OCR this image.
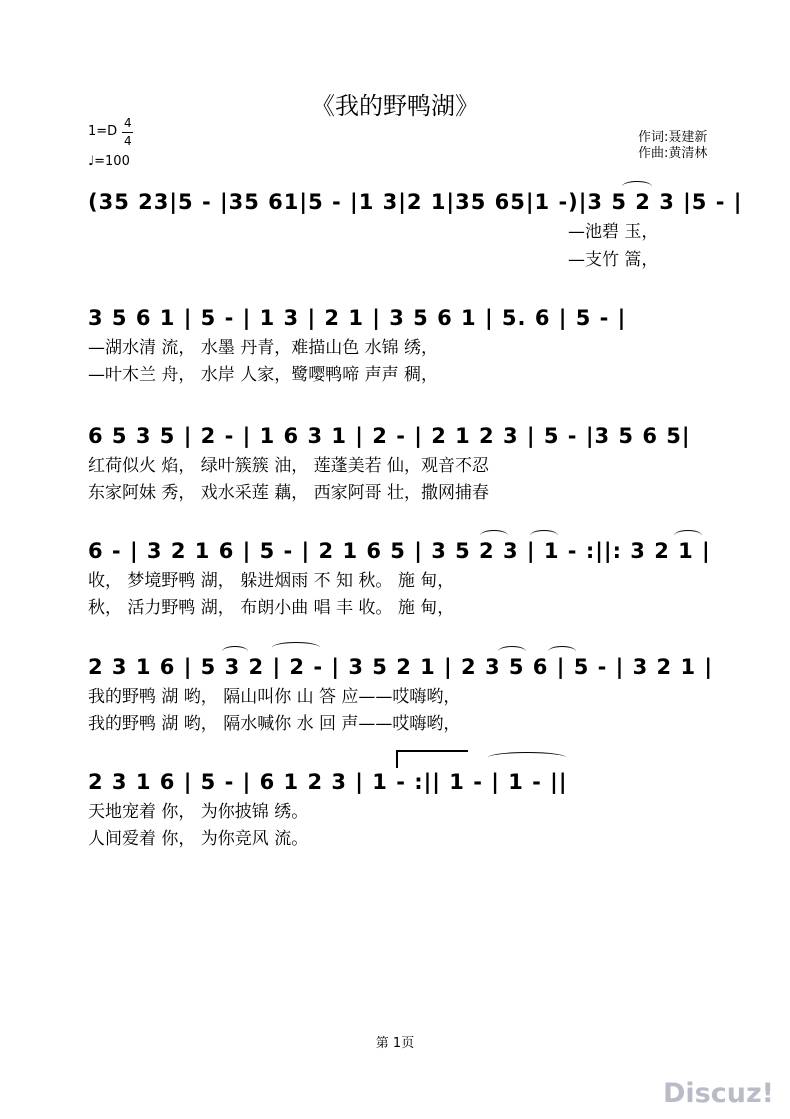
《我的野鸭湖》
1=D
4
4
♩=100
作词:聂建新
作曲:黄清林
(35 23|5 - |35 61|5 - |1 3|2 1|35 65|1 -)|3 5 2 3 |5 - |
—池碧 玉，
—支竹 篙，
3 5 6 1 | 5 - | 1 3 | 2 1 | 3 5 6 1 | 5. 6 | 5 - |
—湖水清 流， 水墨 丹青，难描山色 水锦 绣，
—叶木兰 舟， 水岸 人家，鹭嘤鸭啼 声声 稠，
6 5 3 5 | 2 - | 1 6 3 1 | 2 - | 2 1 2 3 | 5 - |3 5 6 5|
红荷似火 焰， 绿叶簇簇 油， 莲蓬美若 仙，观音不忍
东家阿妹 秀， 戏水采莲 藕， 西家阿哥 壮，撒网捕春
6 - | 3 2 1 6 | 5 - | 2 1 6 5 | 3 5 2 3 | 1 - :||: 3 2 1 |
收， 梦境野鸭 湖， 躲进烟雨 不 知 秋。 施 甸，
秋， 活力野鸭 湖， 布朗小曲 唱 丰 收。 施 甸，
2 3 1 6 | 5 3 2 | 2 - | 3 5 2 1 | 2 3 5 6 | 5 - | 3 2 1 |
我的野鸭 湖 哟， 隔山叫你 山 答 应——哎嗨哟，
我的野鸭 湖 哟， 隔水喊你 水 回 声——哎嗨哟，
2 3 1 6 | 5 - | 6 1 2 3 | 1 - :|| 1 - | 1 - ||
天地宠着 你， 为你披锦 绣。
人间爱着 你， 为你竞风 流。
第 1页
Discuz!
